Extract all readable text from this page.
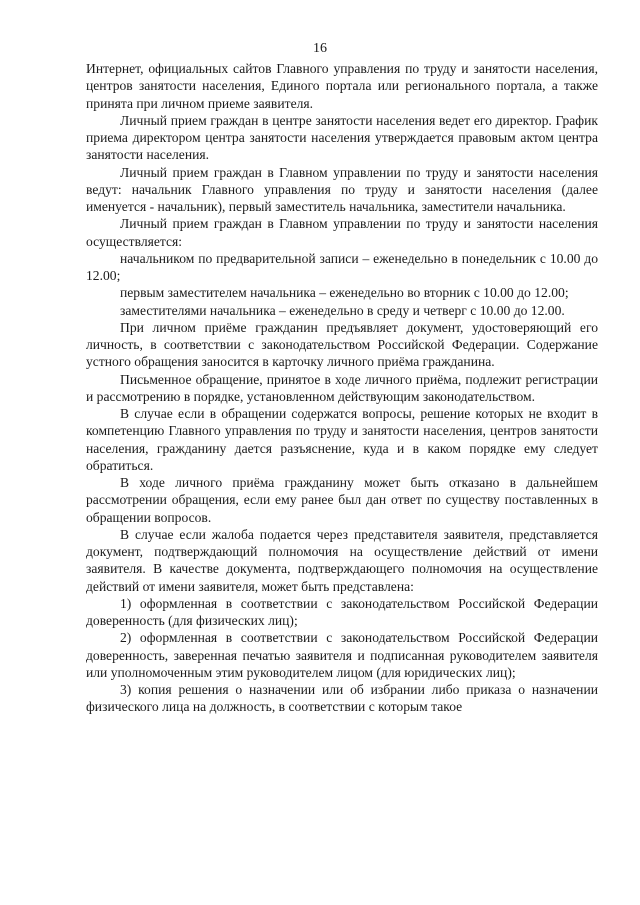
16

Интернет, официальных сайтов Главного управления по труду и занятости населения, центров занятости населения, Единого портала или регионального портала, а также принята при личном приеме заявителя.

Личный прием граждан в центре занятости населения ведет его директор. График приема директором центра занятости населения утверждается правовым актом центра занятости населения.

Личный прием граждан в Главном управлении по труду и занятости населения ведут: начальник Главного управления по труду и занятости населения (далее именуется - начальник), первый заместитель начальника, заместители начальника.

Личный прием граждан в Главном управлении по труду и занятости населения осуществляется:

начальником по предварительной записи – еженедельно в понедельник с 10.00 до 12.00;

первым заместителем начальника – еженедельно во вторник с 10.00 до 12.00;

заместителями начальника – еженедельно в среду и четверг с 10.00 до 12.00.

При личном приёме гражданин предъявляет документ, удостоверяющий его личность, в соответствии с законодательством Российской Федерации. Содержание устного обращения заносится в карточку личного приёма гражданина.

Письменное обращение, принятое в ходе личного приёма, подлежит регистрации и рассмотрению в порядке, установленном действующим законодательством.

В случае если в обращении содержатся вопросы, решение которых не входит в компетенцию Главного управления по труду и занятости населения, центров занятости населения, гражданину дается разъяснение, куда и в каком порядке ему следует обратиться.

В ходе личного приёма гражданину может быть отказано в дальнейшем рассмотрении обращения, если ему ранее был дан ответ по существу поставленных в обращении вопросов.

В случае если жалоба подается через представителя заявителя, представляется документ, подтверждающий полномочия на осуществление действий от имени заявителя. В качестве документа, подтверждающего полномочия на осуществление действий от имени заявителя, может быть представлена:

1) оформленная в соответствии с законодательством Российской Федерации доверенность (для физических лиц);

2) оформленная в соответствии с законодательством Российской Федерации доверенность, заверенная печатью заявителя и подписанная руководителем заявителя или уполномоченным этим руководителем лицом (для юридических лиц);

3) копия решения о назначении или об избрании либо приказа о назначении физического лица на должность, в соответствии с которым такое
